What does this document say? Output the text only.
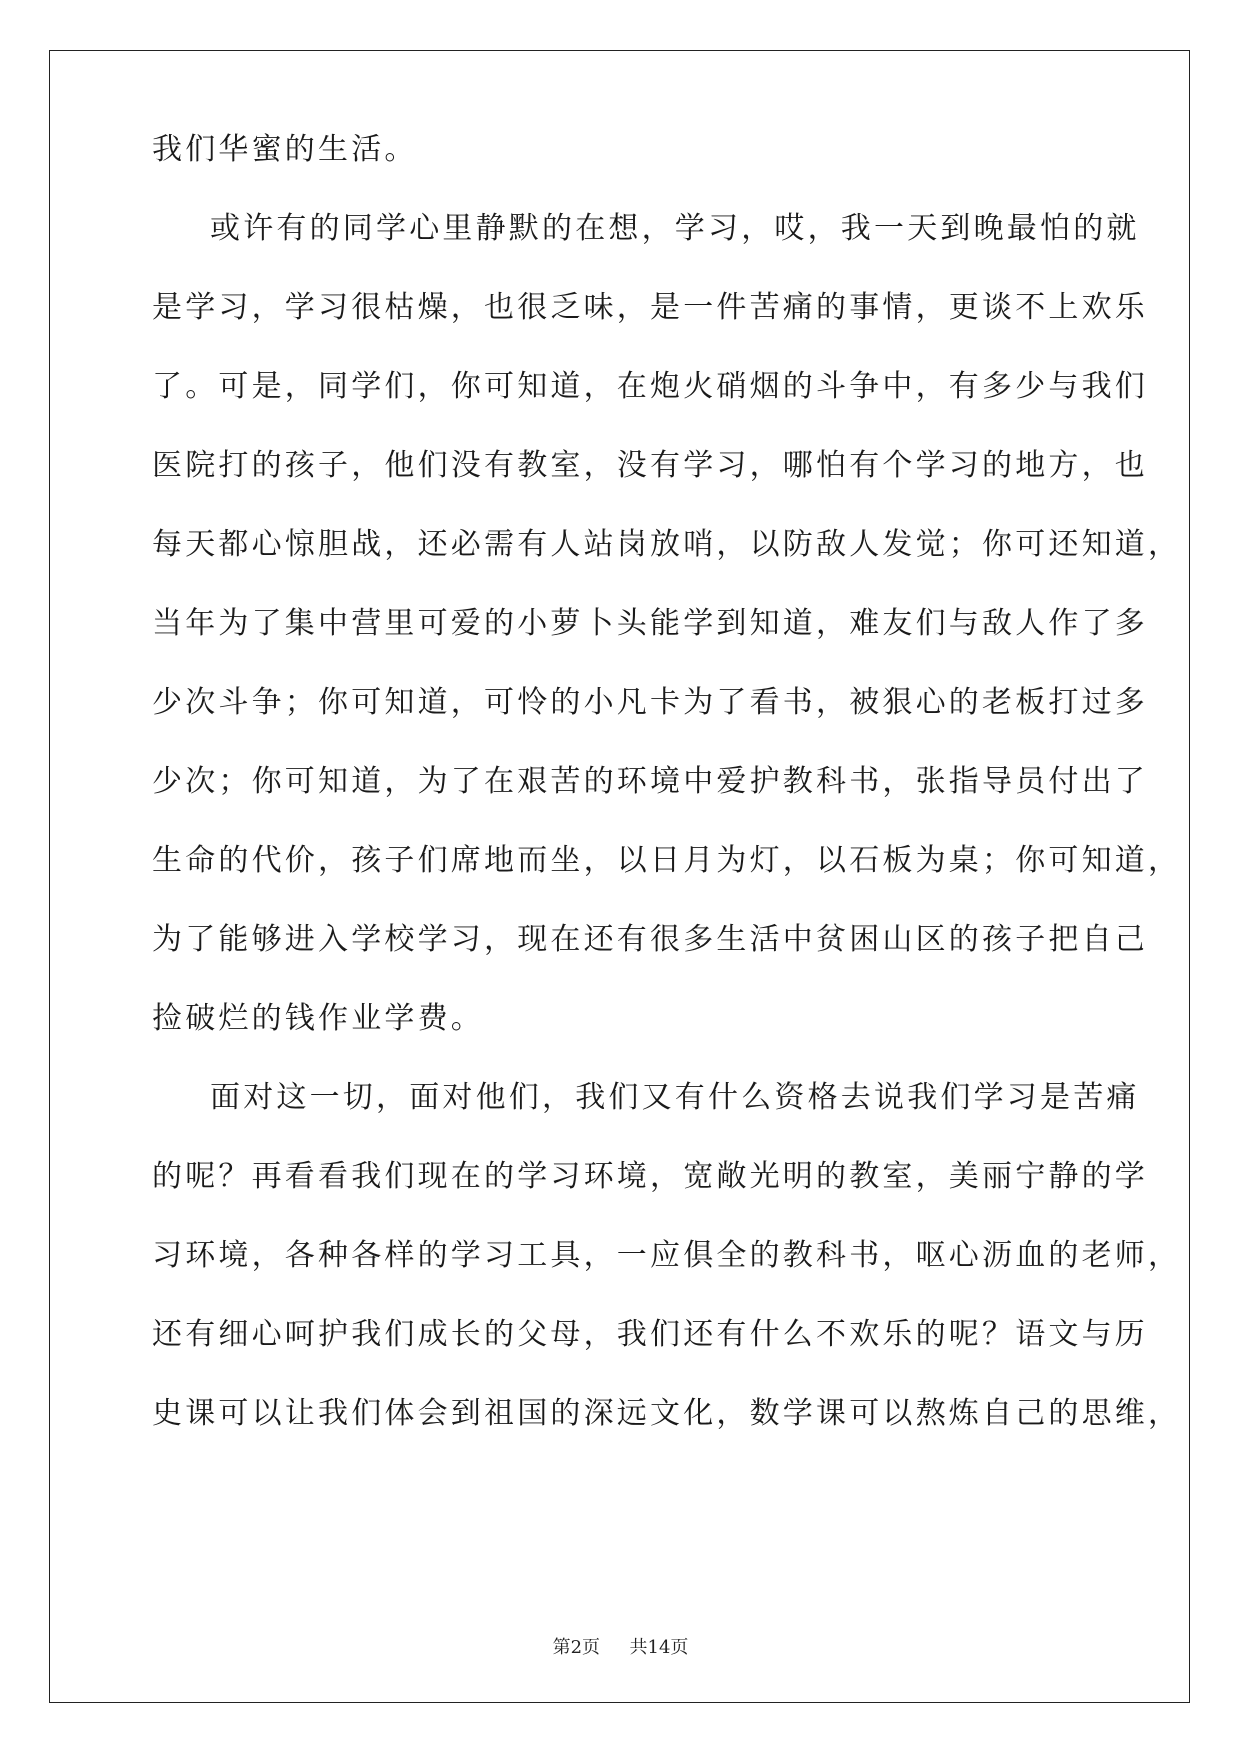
我们华蜜的生活。

或许有的同学心里静默的在想，学习，哎，我一天到晚最怕的就
是学习，学习很枯燥，也很乏味，是一件苦痛的事情，更谈不上欢乐
了。可是，同学们，你可知道，在炮火硝烟的斗争中，有多少与我们
医院打的孩子，他们没有教室，没有学习，哪怕有个学习的地方，也
每天都心惊胆战，还必需有人站岗放哨，以防敌人发觉；你可还知道，
当年为了集中营里可爱的小萝卜头能学到知道，难友们与敌人作了多
少次斗争；你可知道，可怜的小凡卡为了看书，被狠心的老板打过多
少次；你可知道，为了在艰苦的环境中爱护教科书，张指导员付出了
生命的代价，孩子们席地而坐，以日月为灯，以石板为桌；你可知道，
为了能够进入学校学习，现在还有很多生活中贫困山区的孩子把自己
捡破烂的钱作业学费。

面对这一切，面对他们，我们又有什么资格去说我们学习是苦痛
的呢？再看看我们现在的学习环境，宽敞光明的教室，美丽宁静的学
习环境，各种各样的学习工具，一应俱全的教科书，呕心沥血的老师，
还有细心呵护我们成长的父母，我们还有什么不欢乐的呢？语文与历
史课可以让我们体会到祖国的深远文化，数学课可以熬炼自己的思维，

第2页 共14页
